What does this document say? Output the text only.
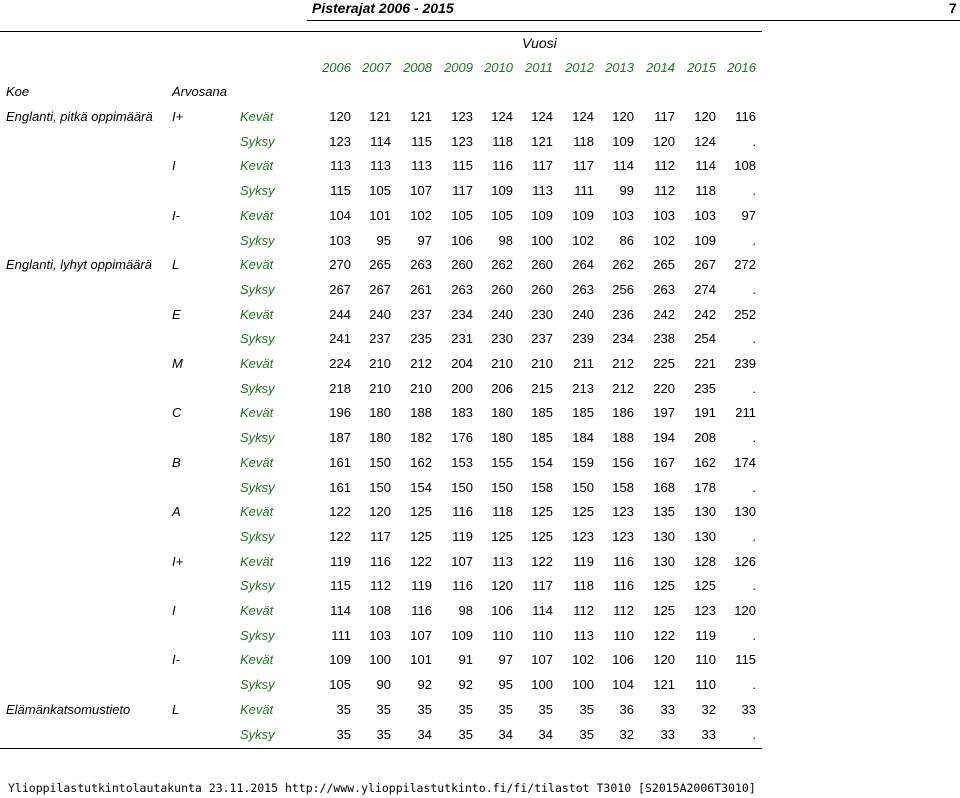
Pisterajat 2006 - 2015	7
Vuosi
2006 2007 2008 2009 2010 2011 2012 2013 2014 2015 2016
Koe	Arvosana
Englanti, pitkä oppimäärä I+	Kevät	120	121	121	123	124	124	124	120	117	120	116
Syksy	123	114	115	123	118	121	118	109	120	124	.
I	Kevät	113	113	113	115	116	117	117	114	112	114	108
Syksy	115	105	107	117	109	113	111	99	112	118	.
I-	Kevät	104	101	102	105	105	109	109	103	103	103	97
Syksy	103	95	97	106	98	100	102	86	102	109	.
Englanti, lyhyt oppimäärä L	Kevät	270	265	263	260	262	260	264	262	265	267	272
Syksy	267	267	261	263	260	260	263	256	263	274	.
E	Kevät	244	240	237	234	240	230	240	236	242	242	252
Syksy	241	237	235	231	230	237	239	234	238	254	.
M	Kevät	224	210	212	204	210	210	211	212	225	221	239
Syksy	218	210	210	200	206	215	213	212	220	235	.
C	Kevät	196	180	188	183	180	185	185	186	197	191	211
Syksy	187	180	182	176	180	185	184	188	194	208	.
B	Kevät	161	150	162	153	155	154	159	156	167	162	174
Syksy	161	150	154	150	150	158	150	158	168	178	.
A	Kevät	122	120	125	116	118	125	125	123	135	130	130
Syksy	122	117	125	119	125	125	123	123	130	130	.
I+	Kevät	119	116	122	107	113	122	119	116	130	128	126
Syksy	115	112	119	116	120	117	118	116	125	125	.
I	Kevät	114	108	116	98	106	114	112	112	125	123	120
Syksy	111	103	107	109	110	110	113	110	122	119	.
I-	Kevät	109	100	101	91	97	107	102	106	120	110	115
Syksy	105	90	92	92	95	100	100	104	121	110	.
Elämänkatsomustieto	L	Kevät	35	35	35	35	35	35	35	36	33	32	33
Syksy	35	35	34	35	34	34	35	32	33	33	.
Ylioppilastutkintolautakunta 23.11.2015 http://www.ylioppilastutkinto.fi/fi/tilastot T3010 [S2015A2006T3010]
